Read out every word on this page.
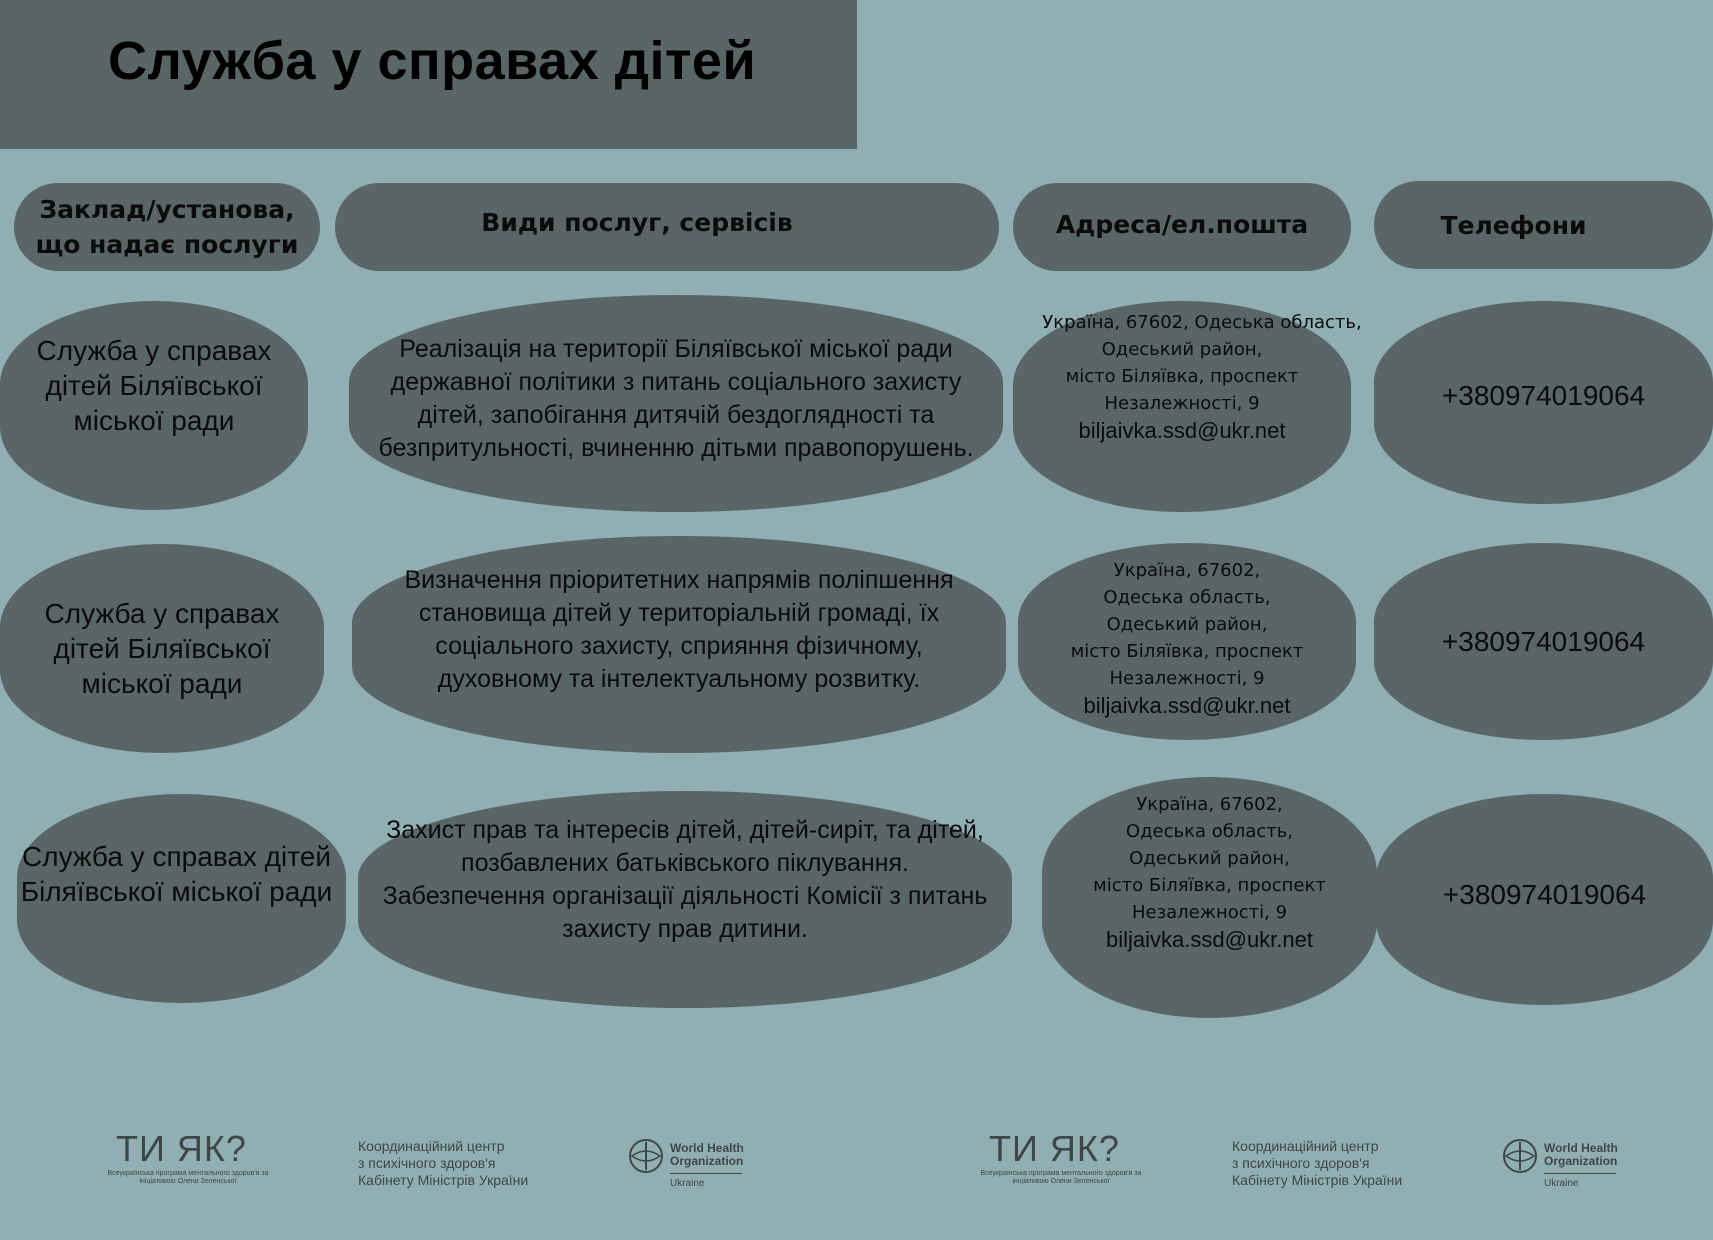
Служба у справах дітей
Заклад/установа, що надає послуги
Види послуг, сервісів	Адреса/ел.пошта	Телефони
Служба у справах дітей Біляївської міської ради
Реалізація на території Біляївської міської ради державної політики з питань соціального захисту дітей, запобігання дитячій бездоглядності та безпритульності, вчиненню дітьми правопорушень.
Україна, 67602, Одеська область,
Одеський район,
місто Біляївка, проспект
Незалежності, 9
biljaivka.ssd@ukr.net
+380974019064
Служба у справах дітей Біляївської міської ради
Визначення пріоритетних напрямів поліпшення становища дітей у територіальній громаді, їх соціального захисту, сприяння фізичному, духовному та інтелектуальному розвитку.
Україна, 67602,
Одеська область,
Одеський район,
місто Біляївка, проспект
Незалежності, 9
biljaivka.ssd@ukr.net
+380974019064
Служба у справах дітей Біляївської міської ради
Захист прав та інтересів дітей, дітей-сиріт, та дітей, позбавлених батьківського піклування. Забезпечення організації діяльності Комісії з питань захисту прав дитини.
Україна, 67602,
Одеська область,
Одеський район,
місто Біляївка, проспект
Незалежності, 9
biljaivka.ssd@ukr.net
+380974019064
ТИ ЯК?
Всеукраїнська програма ментального здоров'я за ініціативою Олени Зеленської
Координаційний центр
з психічного здоров'я
Кабінету Міністрів України
World Health
Organization
Ukraine
ТИ ЯК?
Всеукраїнська програма ментального здоров'я за ініціативою Олени Зеленської
Координаційний центр
з психічного здоров'я
Кабінету Міністрів України
World Health
Organization
Ukraine
